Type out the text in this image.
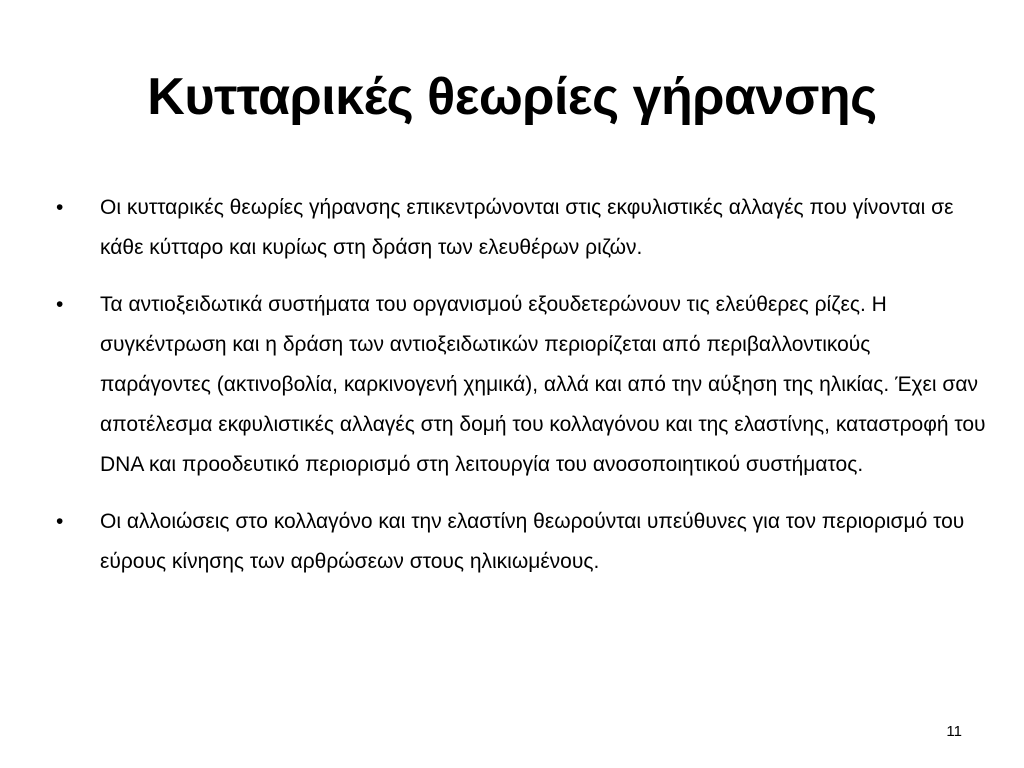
Κυτταρικές θεωρίες γήρανσης
•	Οι κυτταρικές θεωρίες γήρανσης επικεντρώνονται στις εκφυλιστικές αλλαγές που γίνονται σε κάθε κύτταρο και κυρίως στη δράση των ελευθέρων ριζών.
•	Τα αντιοξειδωτικά συστήματα του οργανισμού εξουδετερώνουν τις ελεύθερες ρίζες. Η συγκέντρωση και η δράση των αντιοξειδωτικών περιορίζεται από περιβαλλοντικούς παράγοντες (ακτινοβολία, καρκινογενή χημικά), αλλά και από την αύξηση της ηλικίας. Έχει σαν αποτέλεσμα εκφυλιστικές αλλαγές στη δομή του κολλαγόνου και της ελαστίνης, καταστροφή του DNA και προοδευτικό περιορισμό στη λειτουργία του ανοσοποιητικού συστήματος.
•	Οι αλλοιώσεις στο κολλαγόνο και την ελαστίνη θεωρούνται υπεύθυνες για τον περιορισμό του εύρους κίνησης των αρθρώσεων στους ηλικιωμένους.
11
